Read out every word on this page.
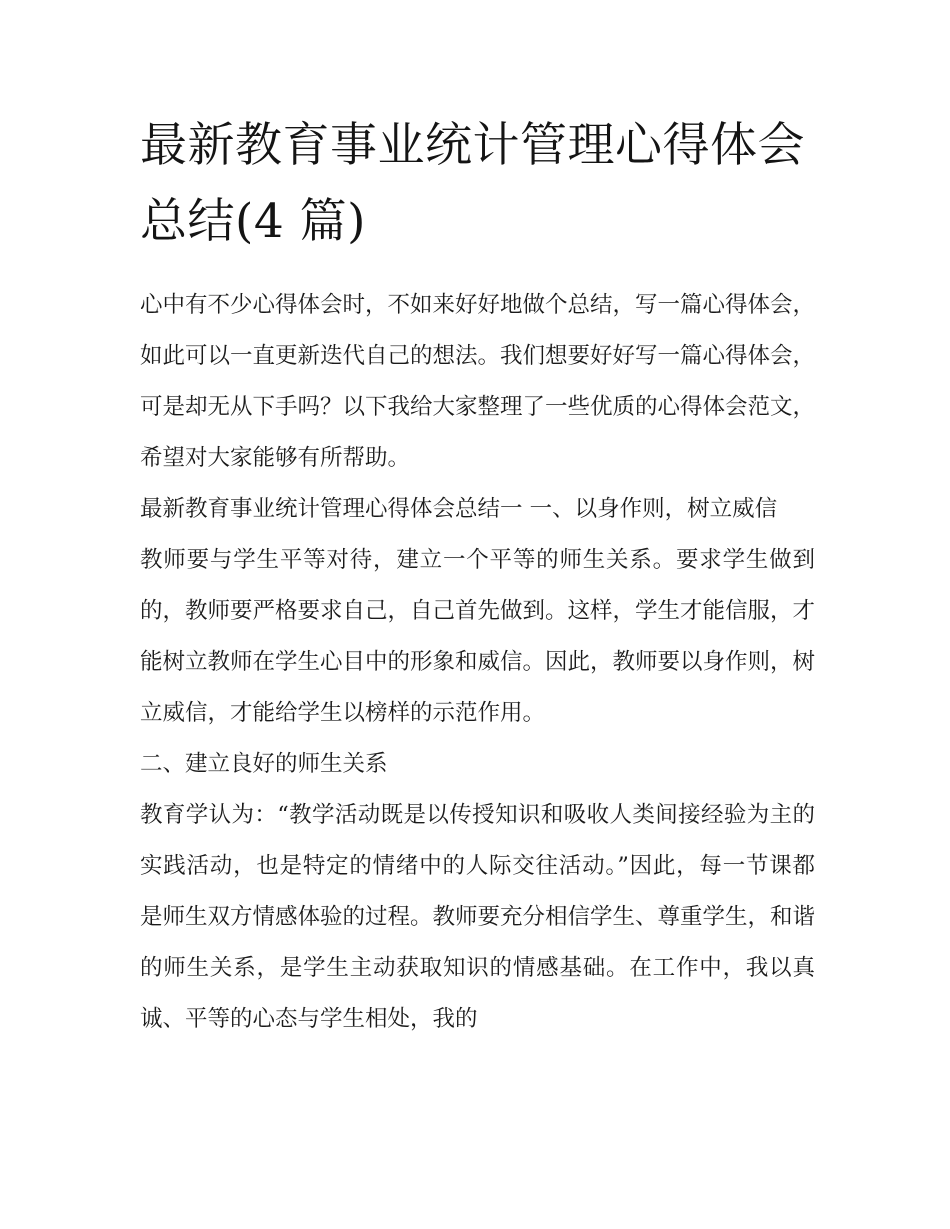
最新教育事业统计管理心得体会总结(4 篇)

心中有不少心得体会时，不如来好好地做个总结，写一篇心得体会，如此可以一直更新迭代自己的想法。我们想要好好写一篇心得体会，可是却无从下手吗？以下我给大家整理了一些优质的心得体会范文，希望对大家能够有所帮助。

最新教育事业统计管理心得体会总结一 一、以身作则，树立威信

教师要与学生平等对待，建立一个平等的师生关系。要求学生做到的，教师要严格要求自己，自己首先做到。这样，学生才能信服，才能树立教师在学生心目中的形象和威信。因此，教师要以身作则，树立威信，才能给学生以榜样的示范作用。

二、建立良好的师生关系

教育学认为：“教学活动既是以传授知识和吸收人类间接经验为主的实践活动，也是特定的情绪中的人际交往活动。”因此，每一节课都是师生双方情感体验的过程。教师要充分相信学生、尊重学生，和谐的师生关系，是学生主动获取知识的情感基础。在工作中，我以真诚、平等的心态与学生相处，我的
